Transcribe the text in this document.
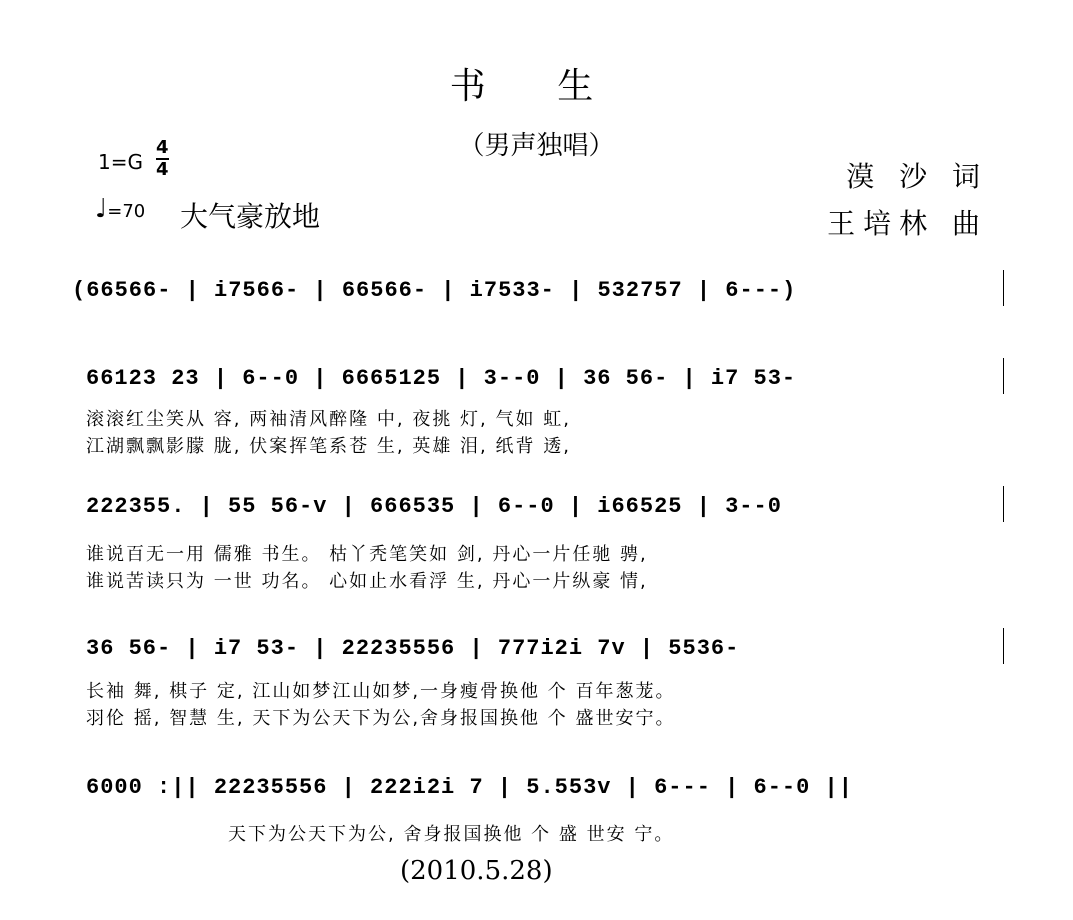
书 生
（男声独唱）
1=G
4
4
♩=70 大气豪放地
漠 沙 词
王培林 曲
(66566- | i7566- | 66566- | i7533- | 532757 | 6---)
66123 23 | 6--0 | 6665125 | 3--0 | 36 56- | i7 53-
滚滚红尘笑从 容, 两袖清风醉隆 中, 夜挑 灯, 气如 虹,
江湖飘飘影朦 胧, 伏案挥笔系苍 生, 英雄 泪, 纸背 透,
222355. | 55 56-v | 666535 | 6--0 | i66525 | 3--0
谁说百无一用 儒雅 书生。 枯丫秃笔笑如 剑, 丹心一片任驰 骋,
谁说苦读只为 一世 功名。 心如止水看浮 生, 丹心一片纵豪 情,
36 56- | i7 53- | 22235556 | 777i2i 7v | 5536-
长袖 舞, 棋子 定, 江山如梦江山如梦,一身瘦骨换他 个 百年葱茏。
羽伦 摇, 智慧 生, 天下为公天下为公,舍身报国换他 个 盛世安宁。
6000 :|| 22235556 | 222i2i 7 | 5.553v | 6--- | 6--0 ||
天下为公天下为公, 舍身报国换他 个 盛 世安 宁。
(2010.5.28)
